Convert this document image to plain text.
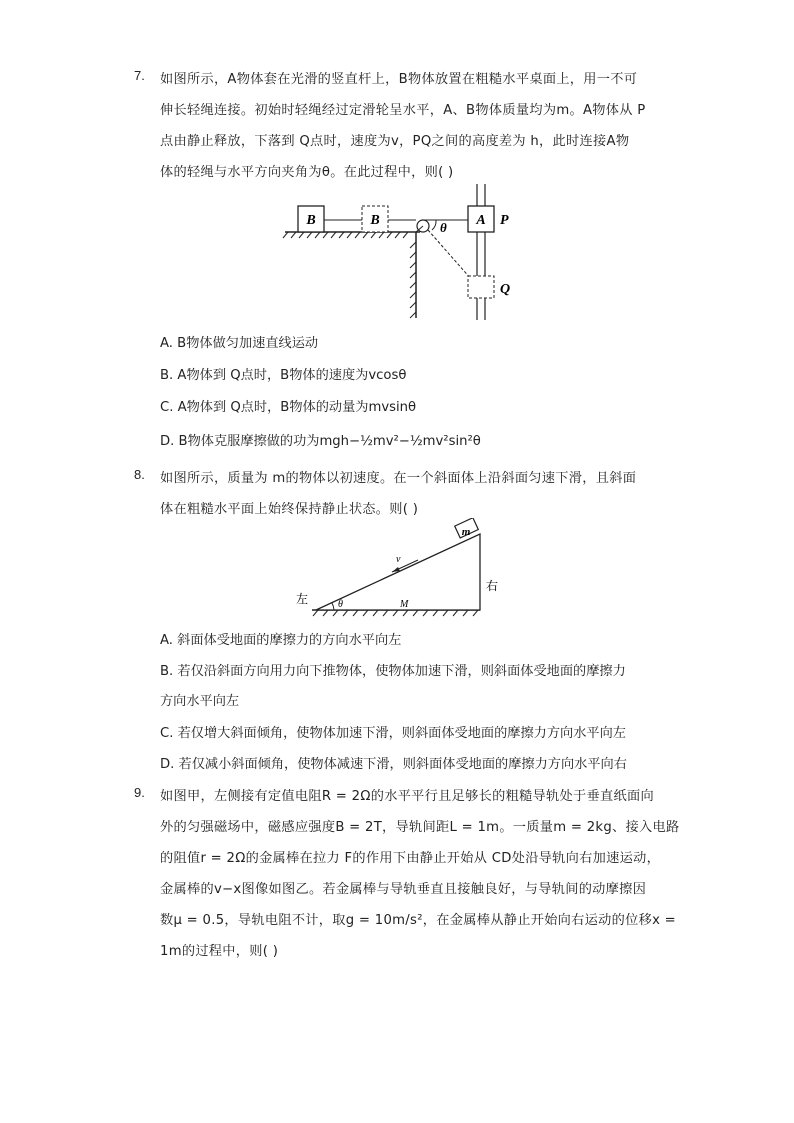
7. 如图所示，A物体套在光滑的竖直杆上，B物体放置在粗糙水平桌面上，用一不可
伸长轻绳连接。初始时轻绳经过定滑轮呈水平，A、B物体质量均为m。A物体从 P
点由静止释放，下落到 Q点时，速度为v，PQ之间的高度差为 h，此时连接A物
体的轻绳与水平方向夹角为θ。在此过程中，则( )
B	B	θ A P
Q
A. B物体做匀加速直线运动
B. A物体到 Q点时，B物体的速度为vcosθ
C. A物体到 Q点时，B物体的动量为mvsinθ
D. B物体克服摩擦做的功为mgh−½mv²−½mv²sin²θ
8. 如图所示，质量为 m的物体以初速度。在一个斜面体上沿斜面匀速下滑，且斜面
体在粗糙水平面上始终保持静止状态。则( )
m
v
θ	M
左
右
A. 斜面体受地面的摩擦力的方向水平向左
B. 若仅沿斜面方向用力向下推物体，使物体加速下滑，则斜面体受地面的摩擦力
方向水平向左
C. 若仅增大斜面倾角，使物体加速下滑，则斜面体受地面的摩擦力方向水平向左
D. 若仅减小斜面倾角，使物体减速下滑，则斜面体受地面的摩擦力方向水平向右
9. 如图甲，左侧接有定值电阻R = 2Ω的水平平行且足够长的粗糙导轨处于垂直纸面向
外的匀强磁场中，磁感应强度B = 2T，导轨间距L = 1m。一质量m = 2kg、接入电路
的阻值r = 2Ω的金属棒在拉力 F的作用下由静止开始从 CD处沿导轨向右加速运动，
金属棒的v−x图像如图乙。若金属棒与导轨垂直且接触良好，与导轨间的动摩擦因
数μ = 0.5，导轨电阻不计，取g = 10m/s²，在金属棒从静止开始向右运动的位移x =
1m的过程中，则( )
